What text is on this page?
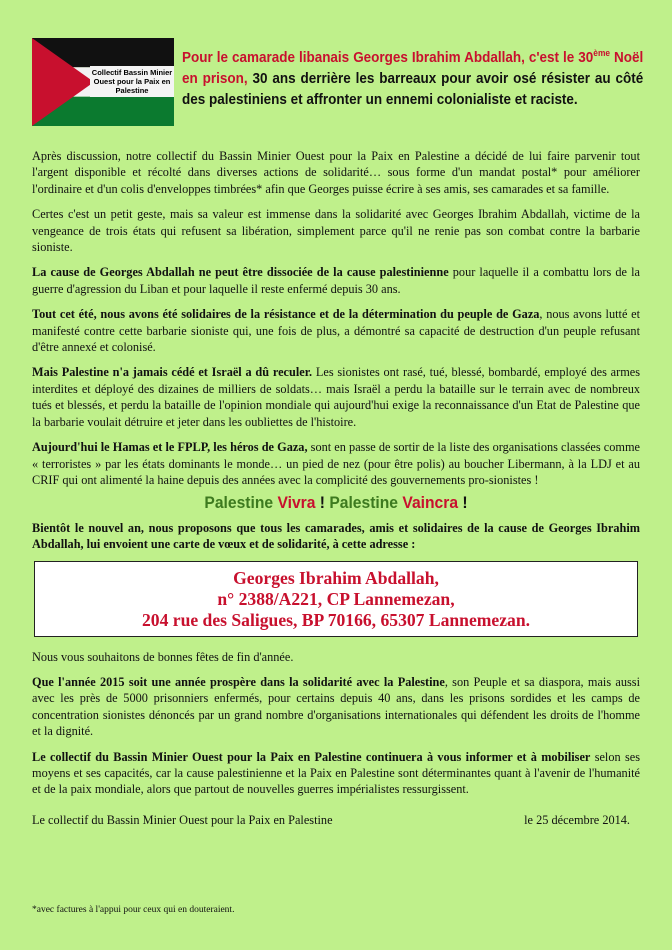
Collectif Bassin Minier Ouest pour la Paix en Palestine
Pour le camarade libanais Georges Ibrahim Abdallah, c'est le 30ème Noël en prison, 30 ans derrière les barreaux pour avoir osé résister au côté des palestiniens et affronter un ennemi colonialiste et raciste.

Après discussion, notre collectif du Bassin Minier Ouest pour la Paix en Palestine a décidé de lui faire parvenir tout l'argent disponible et récolté dans diverses actions de solidarité… sous forme d'un mandat postal* pour améliorer l'ordinaire et d'un colis d'enveloppes timbrées* afin que Georges puisse écrire à ses amis, ses camarades et sa famille.

Certes c'est un petit geste, mais sa valeur est immense dans la solidarité avec Georges Ibrahim Abdallah, victime de la vengeance de trois états qui refusent sa libération, simplement parce qu'il ne renie pas son combat contre la barbarie sioniste.

La cause de Georges Abdallah ne peut être dissociée de la cause palestinienne pour laquelle il a combattu lors de la guerre d'agression du Liban et pour laquelle il reste enfermé depuis 30 ans.

Tout cet été, nous avons été solidaires de la résistance et de la détermination du peuple de Gaza, nous avons lutté et manifesté contre cette barbarie sioniste qui, une fois de plus, a démontré sa capacité de destruction d'un peuple refusant d'être annexé et colonisé.

Mais Palestine n'a jamais cédé et Israël a dû reculer. Les sionistes ont rasé, tué, blessé, bombardé, employé des armes interdites et déployé des dizaines de milliers de soldats… mais Israël a perdu la bataille sur le terrain avec de nombreux tués et blessés, et perdu la bataille de l'opinion mondiale qui aujourd'hui exige la reconnaissance d'un Etat de Palestine que la barbarie voulait détruire et jeter dans les oubliettes de l'histoire.

Aujourd'hui le Hamas et le FPLP, les héros de Gaza, sont en passe de sortir de la liste des organisations classées comme « terroristes » par les états dominants le monde… un pied de nez (pour être polis) au boucher Libermann, à la LDJ et au CRIF qui ont alimenté la haine depuis des années avec la complicité des gouvernements pro-sionistes !

Palestine Vivra ! Palestine Vaincra !

Bientôt le nouvel an, nous proposons que tous les camarades, amis et solidaires de la cause de Georges Ibrahim Abdallah, lui envoient une carte de vœux et de solidarité, à cette adresse :

Georges Ibrahim Abdallah,
n° 2388/A221, CP Lannemezan,
204 rue des Saligues, BP 70166, 65307 Lannemezan.

Nous vous souhaitons de bonnes fêtes de fin d'année.

Que l'année 2015 soit une année prospère dans la solidarité avec la Palestine, son Peuple et sa diaspora, mais aussi avec les près de 5000 prisonniers enfermés, pour certains depuis 40 ans, dans les prisons sordides et les camps de concentration sionistes dénoncés par un grand nombre d'organisations internationales qui défendent les droits de l'homme et la dignité.

Le collectif du Bassin Minier Ouest pour la Paix en Palestine continuera à vous informer et à mobiliser selon ses moyens et ses capacités, car la cause palestinienne et la Paix en Palestine sont déterminantes quant à l'avenir de l'humanité et de la paix mondiale, alors que partout de nouvelles guerres impérialistes ressurgissent.

Le collectif du Bassin Minier Ouest pour la Paix en Palestine	le 25 décembre 2014.
*avec factures à l'appui pour ceux qui en douteraient.
